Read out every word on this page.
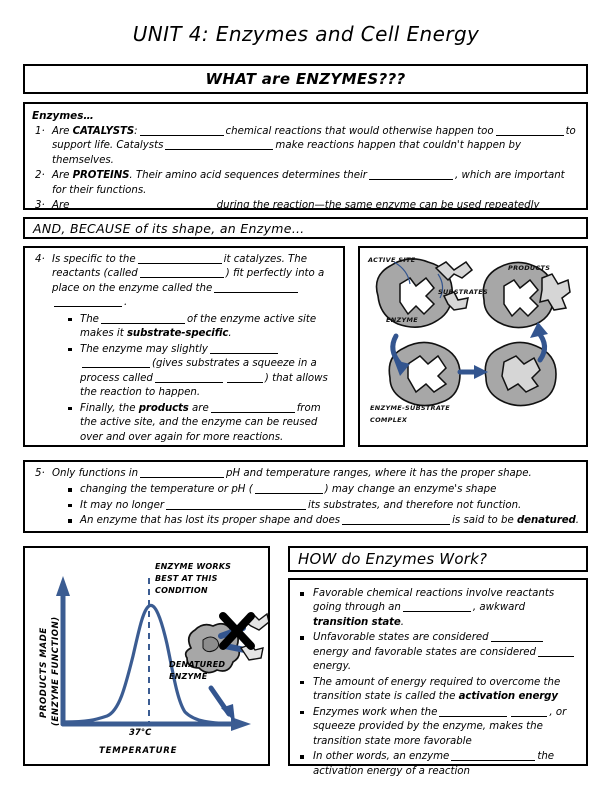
UNIT 4: Enzymes and Cell Energy
WHAT are ENZYMES???
Enzymes…
Are CATALYSTS:	chemical reactions that would otherwise happen too	to support life. Catalysts	make reactions happen that couldn't happen by themselves.
Are PROTEINS. Their amino acid sequences determines their	, which are important for their functions.
Are	during the reaction—the same enzyme can be used repeatedly
AND, BECAUSE of its shape, an Enzyme…
Is specific to the	it catalyzes. The reactants (called	) fit perfectly into a place on the enzyme called the .
The	of the enzyme active site makes it substrate-specific.
The enzyme may slightly(gives substrates a squeeze in a process called	) that allows the reaction to happen.
Finally, the products are	from the active site, and the enzyme can be reused over and over again for more reactions.
ACTIVE SITE
SUBSTRATES
ENZYME
PRODUCTS
ENZYME-SUBSTRATE
COMPLEX
Only functions in	pH and temperature ranges, where it has the proper shape.
changing the temperature or pH (	) may change an enzyme's shape
It may no longer	its substrates, and therefore not function.
An enzyme that has lost its proper shape and does	is said to be denatured.
ENZYME WORKS
BEST AT THIS
CONDITION
DENATURED
ENZYME
PRODUCTS MADE (ENZYME FUNCTION)
37°C
TEMPERATURE
HOW do Enzymes Work?
Favorable chemical reactions involve reactants going through an	, awkward transition state.
Unfavorable states are consideredenergy and favorable states are consideredenergy.
The amount of energy required to overcome the transition state is called the activation energy
Enzymes work when the	, or squeeze provided by the enzyme, makes the transition state more favorable
In other words, an enzyme	the activation energy of a reaction
